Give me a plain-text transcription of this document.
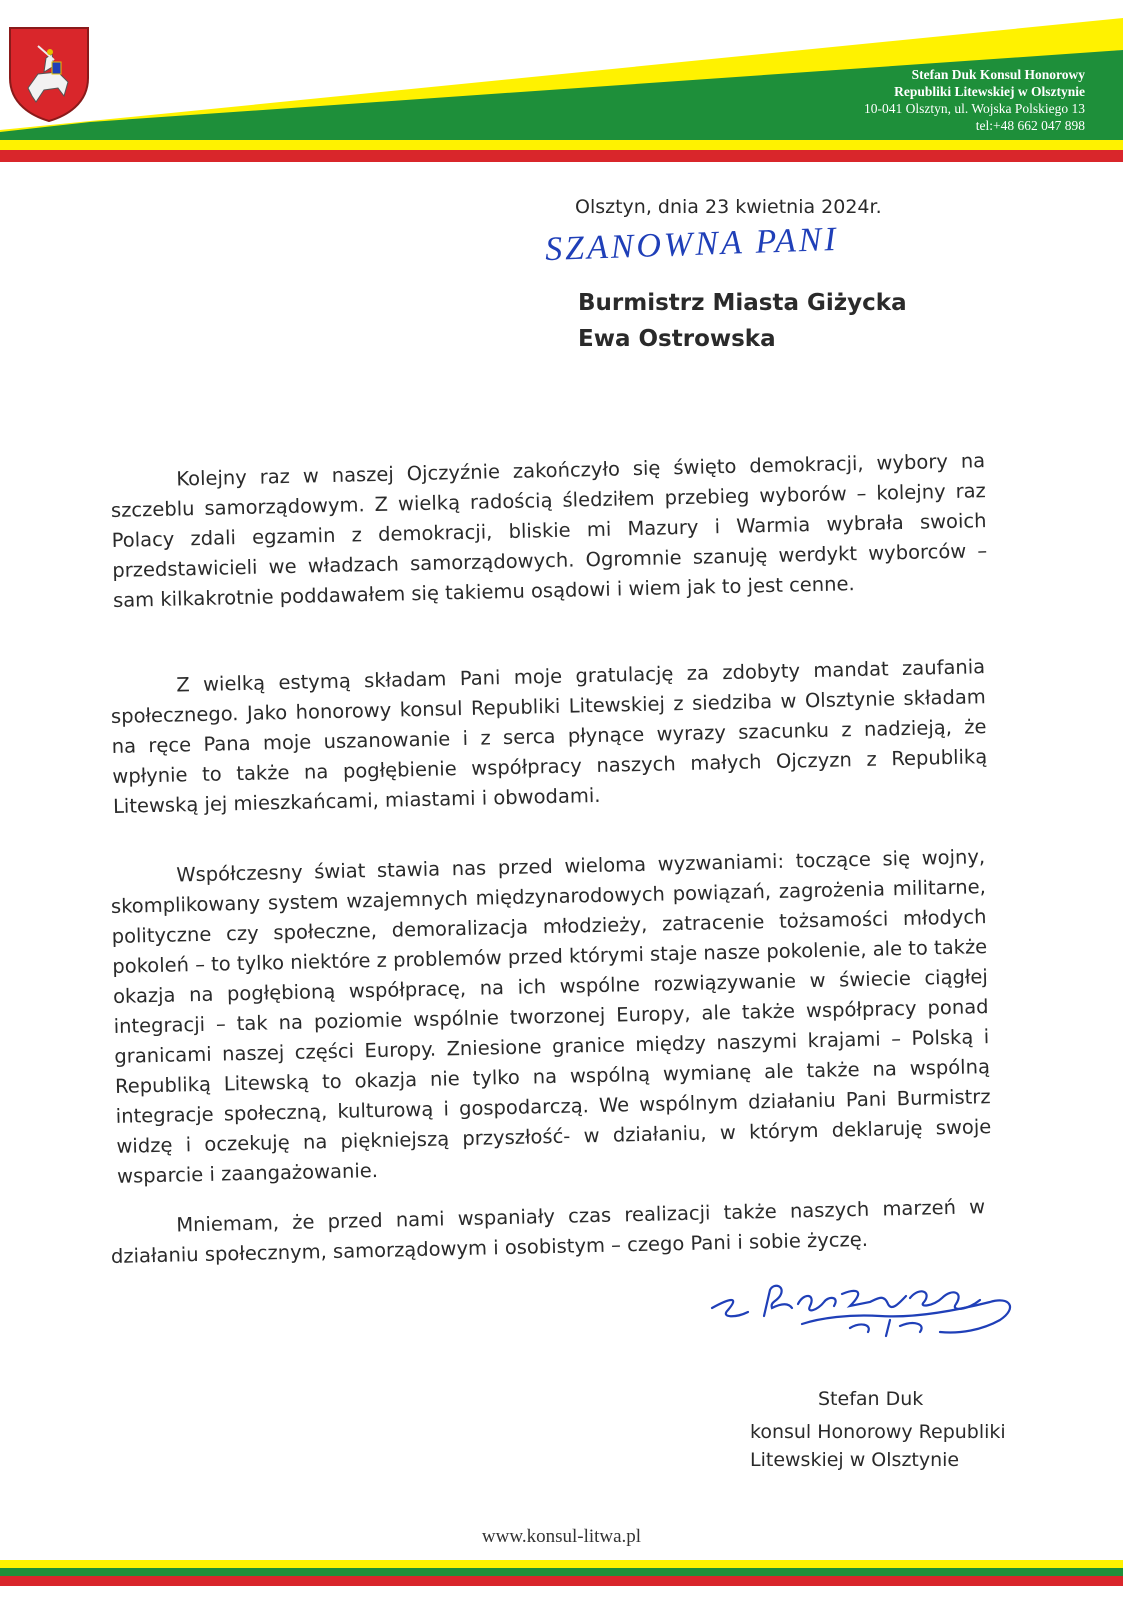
Stefan Duk Konsul Honorowy
Republiki Litewskiej w Olsztynie
10-041 Olsztyn, ul. Wojska Polskiego 13
tel:+48 662 047 898
Olsztyn, dnia 23 kwietnia 2024r.
SZANOWNA PANI
Burmistrz Miasta Giżycka
Ewa Ostrowska

Kolejny raz w naszej Ojczyźnie zakończyło się święto demokracji, wybory na szczeblu samorządowym. Z wielką radością śledziłem przebieg wyborów – kolejny raz Polacy zdali egzamin z demokracji, bliskie mi Mazury i Warmia wybrała swoich przedstawicieli we władzach samorządowych. Ogromnie szanuję werdykt wyborców – sam kilkakrotnie poddawałem się takiemu osądowi i wiem jak to jest cenne.

Z wielką estymą składam Pani moje gratulację za zdobyty mandat zaufania społecznego. Jako honorowy konsul Republiki Litewskiej z siedziba w Olsztynie składam na ręce Pana moje uszanowanie i z serca płynące wyrazy szacunku z nadzieją, że wpłynie to także na pogłębienie współpracy naszych małych Ojczyzn z Republiką Litewską jej mieszkańcami, miastami i obwodami.

Współczesny świat stawia nas przed wieloma wyzwaniami: toczące się wojny, skomplikowany system wzajemnych międzynarodowych powiązań, zagrożenia militarne, polityczne czy społeczne, demoralizacja młodzieży, zatracenie tożsamości młodych pokoleń – to tylko niektóre z problemów przed którymi staje nasze pokolenie, ale to także okazja na pogłębioną współpracę, na ich wspólne rozwiązywanie w świecie ciągłej integracji – tak na poziomie wspólnie tworzonej Europy, ale także współpracy ponad granicami naszej części Europy. Zniesione granice między naszymi krajami – Polską i Republiką Litewską to okazja nie tylko na wspólną wymianę ale także na wspólną integracje społeczną, kulturową i gospodarczą. We wspólnym działaniu Pani Burmistrz widzę i oczekuję na piękniejszą przyszłość- w działaniu, w którym deklaruję swoje wsparcie i zaangażowanie.

Mniemam, że przed nami wspaniały czas realizacji także naszych marzeń w działaniu społecznym, samorządowym i osobistym – czego Pani i sobie życzę.

Stefan Duk
konsul Honorowy Republiki
Litewskiej w Olsztynie
www.konsul-litwa.pl
